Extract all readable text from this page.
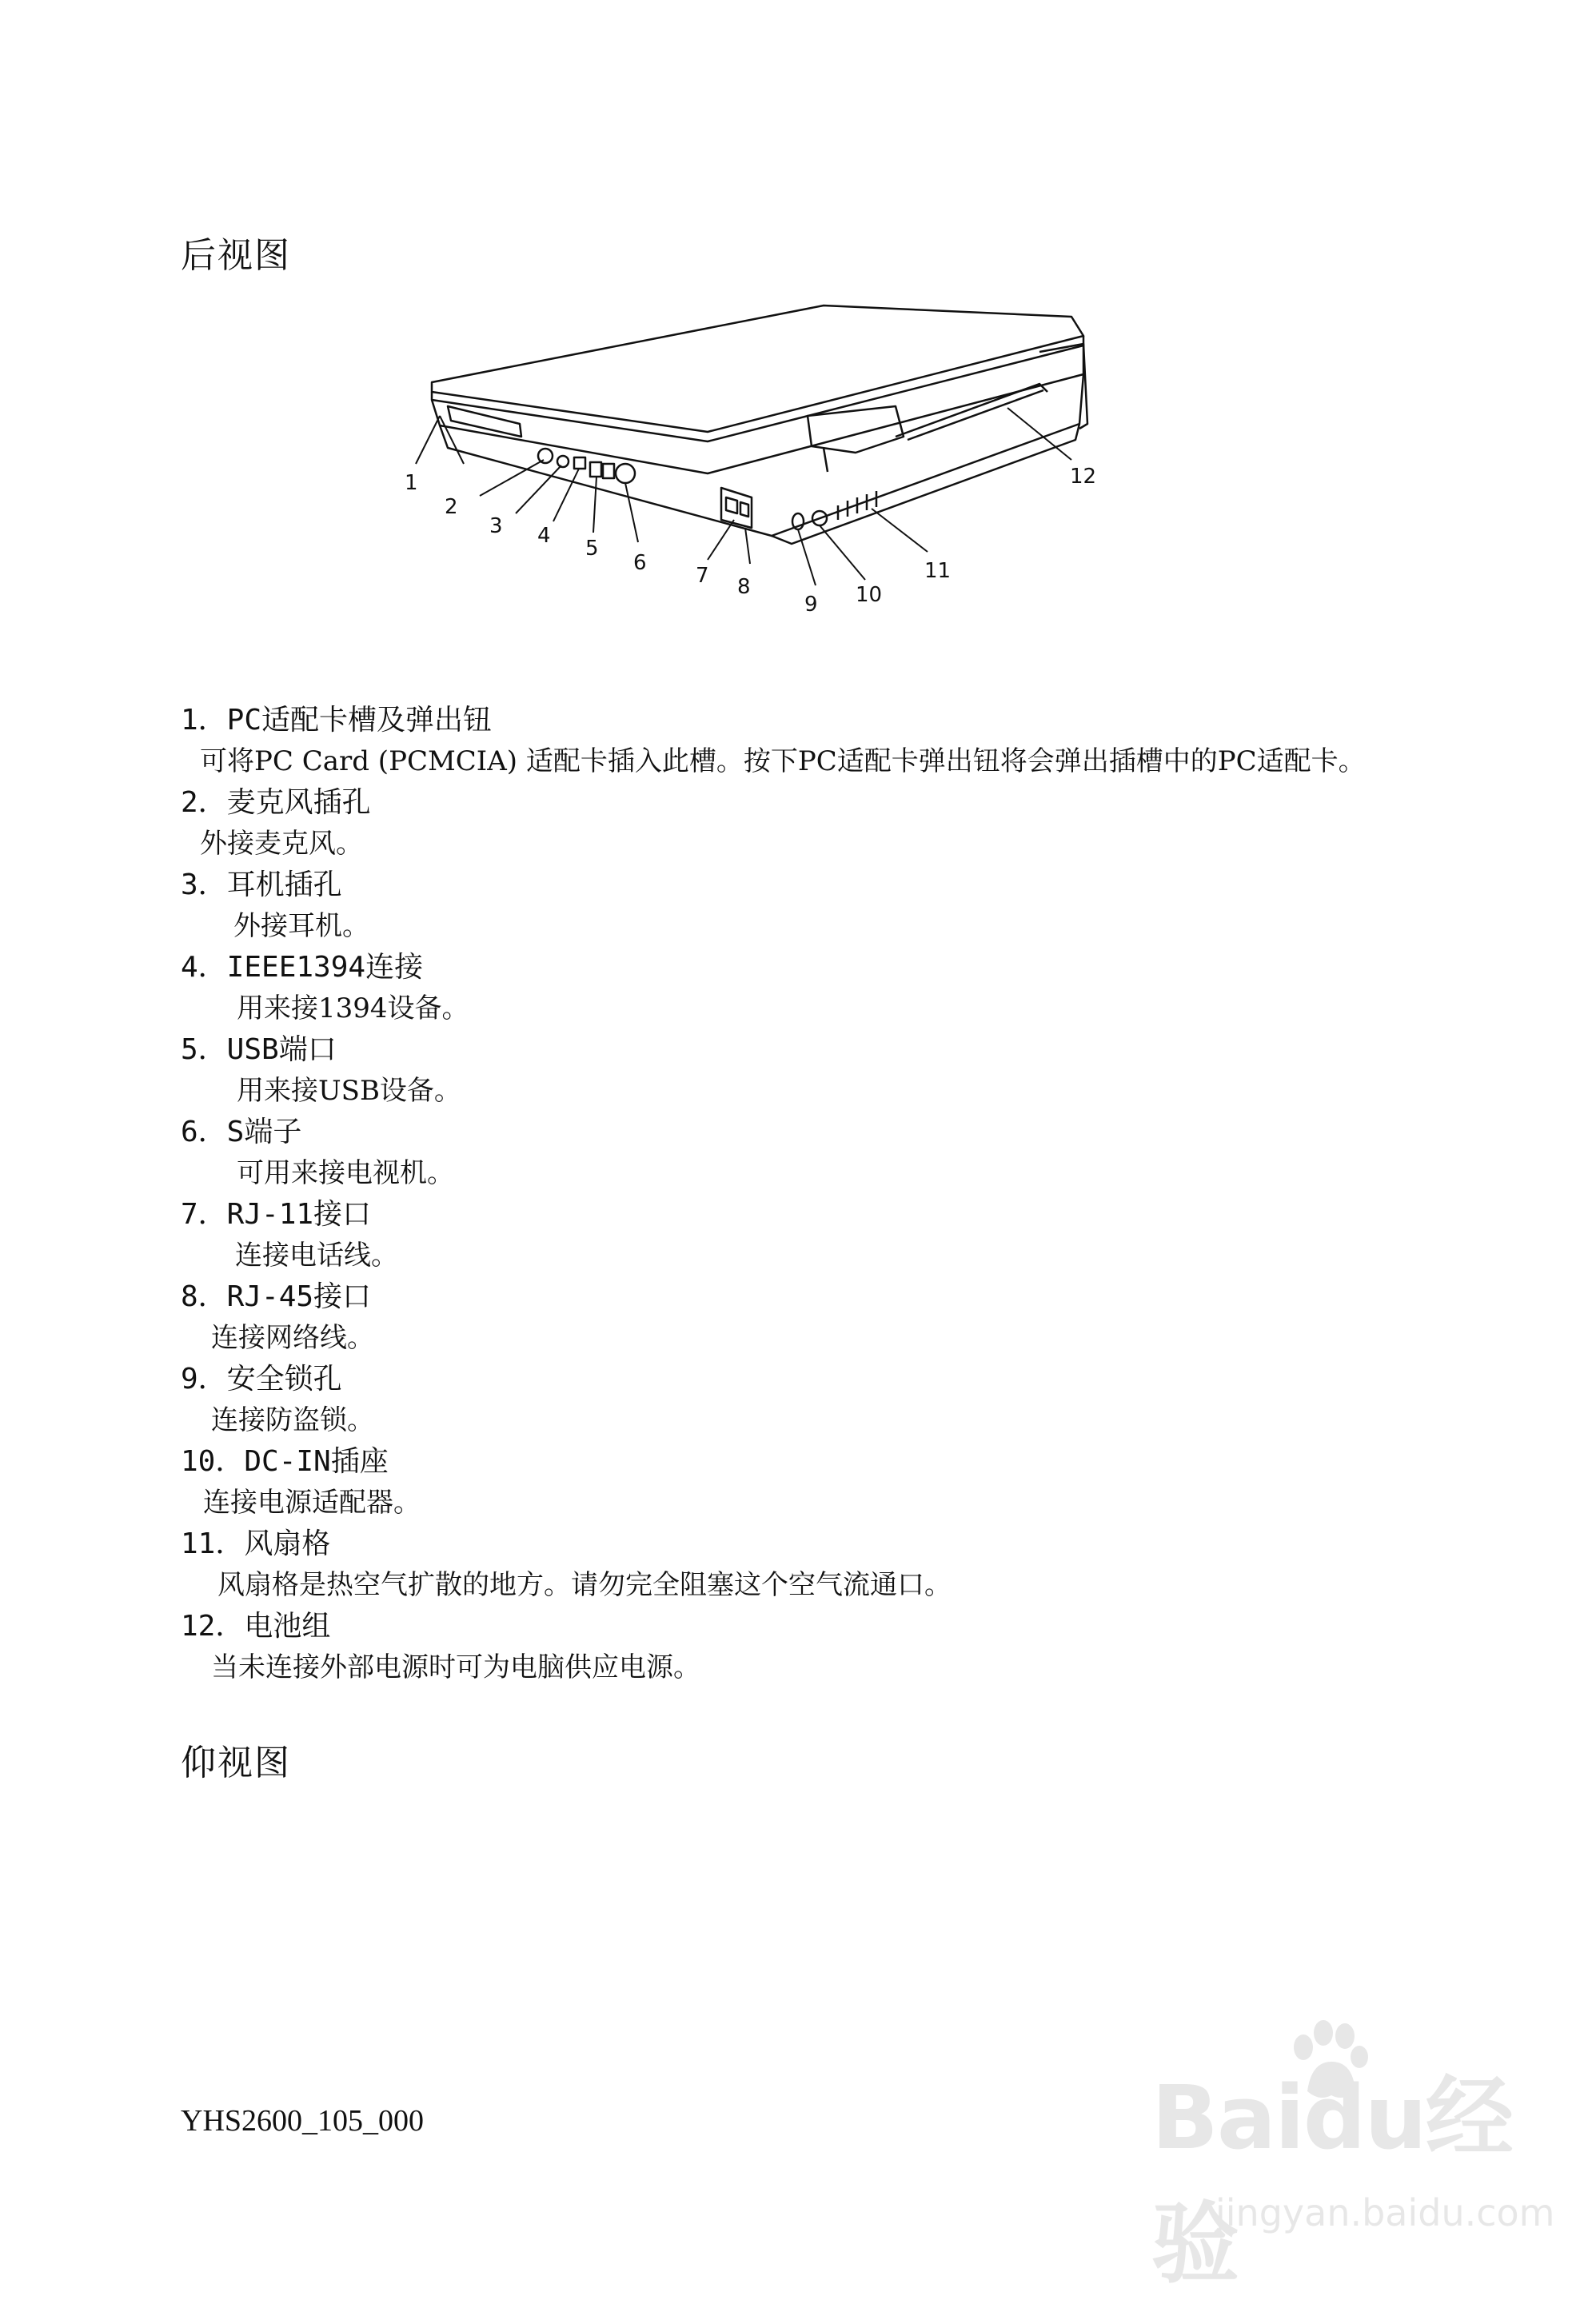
后视图
1
2
3 4
5
6
7 8
9 10
11
12
1．PC适配卡槽及弹出钮
可将PC Card (PCMCIA) 适配卡插入此槽。按下PC适配卡弹出钮将会弹出插槽中的PC适配卡。
2．麦克风插孔
外接麦克风。
3．耳机插孔
外接耳机。
4．IEEE1394连接
用来接1394设备。
5．USB端口
用来接USB设备。
6．S端子
可用来接电视机。
7．RJ-11接口
连接电话线。
8．RJ-45接口
连接网络线。
9．安全锁孔
连接防盗锁。
10．DC-IN插座
连接电源适配器。
11．风扇格
风扇格是热空气扩散的地方。请勿完全阻塞这个空气流通口。
12．电池组
当未连接外部电源时可为电脑供应电源。
仰视图
YHS2600_105_000	Baidu经验
jingyan.baidu.com
